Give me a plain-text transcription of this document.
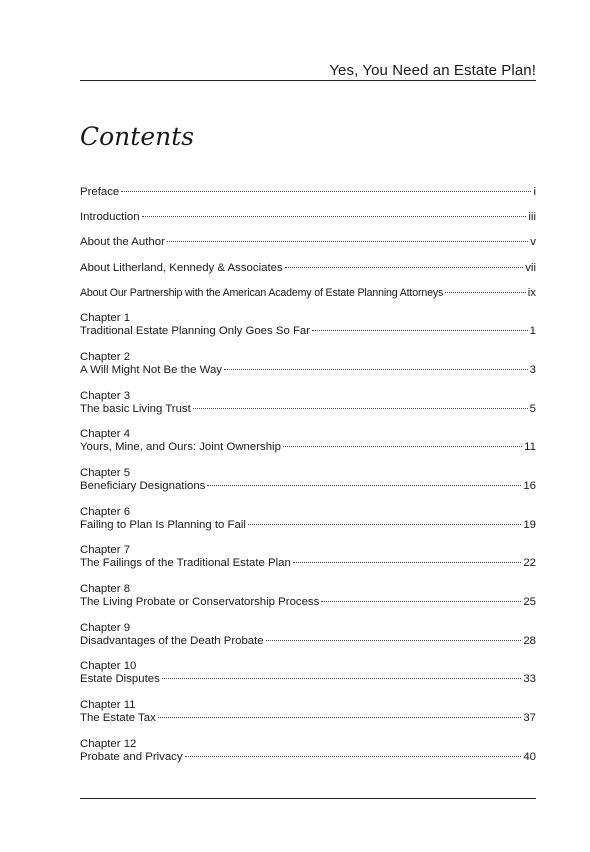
Yes, You Need an Estate Plan!
Contents
Preface	i
Introduction	iii
About the Author	v
About Litherland, Kennedy & Associates	vii
About Our Partnership with the American Academy of Estate Planning Attorneys	ix
Chapter 1
Traditional Estate Planning Only Goes So Far	1
Chapter 2
A Will Might Not Be the Way	3
Chapter 3
The basic Living Trust	5
Chapter 4
Yours, Mine, and Ours: Joint Ownership	11
Chapter 5
Beneficiary Designations	16
Chapter 6
Failing to Plan Is Planning to Fail	19
Chapter 7
The Failings of the Traditional Estate Plan	22
Chapter 8
The Living Probate or Conservatorship Process	25
Chapter 9
Disadvantages of the Death Probate	28
Chapter 10
Estate Disputes	33
Chapter 11
The Estate Tax	37
Chapter 12
Probate and Privacy	40
